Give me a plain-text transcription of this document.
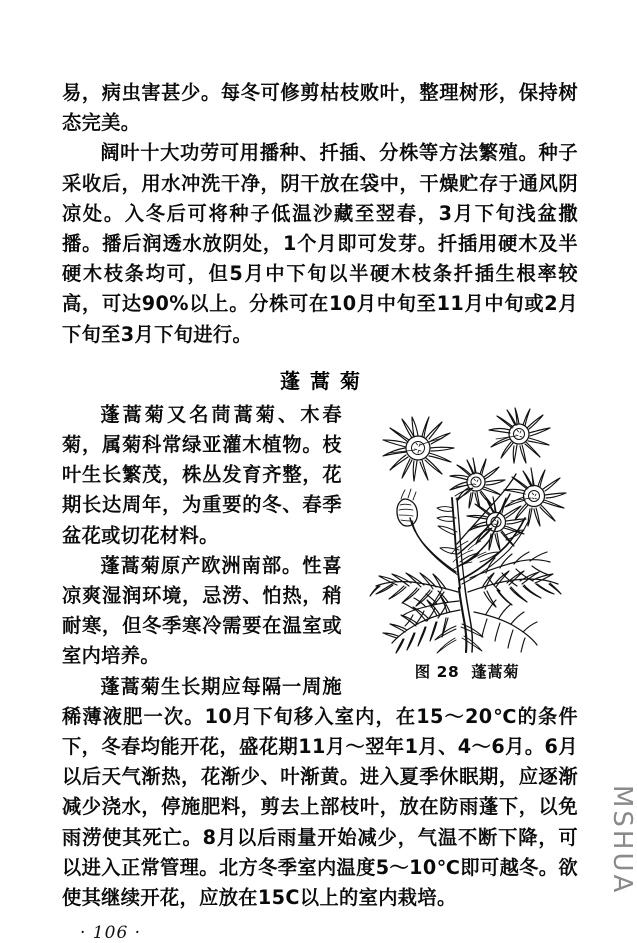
易，病虫害甚少。每冬可修剪枯枝败叶，整理树形，保持树态完美。

阔叶十大功劳可用播种、扦插、分株等方法繁殖。种子采收后，用水冲洗干净，阴干放在袋中，干燥贮存于通风阴凉处。入冬后可将种子低温沙藏至翌春，3月下旬浅盆撒播。播后润透水放阴处，1个月即可发芽。扦插用硬木及半硬木枝条均可，但5月中下旬以半硬木枝条扦插生根率较高，可达90%以上。分株可在10月中旬至11月中旬或2月下旬至3月下旬进行。

蓬蒿菊
图 28 蓬蒿菊

蓬蒿菊又名茼蒿菊、木春菊，属菊科常绿亚灌木植物。枝叶生长繁茂，株丛发育齐整，花期长达周年，为重要的冬、春季盆花或切花材料。

蓬蒿菊原产欧洲南部。性喜凉爽湿润环境，忌涝、怕热，稍耐寒，但冬季寒冷需要在温室或室内培养。

蓬蒿菊生长期应每隔一周施稀薄液肥一次。10月下旬移入室内，在15～20℃的条件下，冬春均能开花，盛花期11月～翌年1月、4～6月。6月以后天气渐热，花渐少、叶渐黄。进入夏季休眠期，应逐渐减少浇水，停施肥料，剪去上部枝叶，放在防雨蓬下，以免雨涝使其死亡。8月以后雨量开始减少，气温不断下降，可以进入正常管理。北方冬季室内温度5～10℃即可越冬。欲使其继续开花，应放在15C以上的室内栽培。

· 106 ·
MSHUA
